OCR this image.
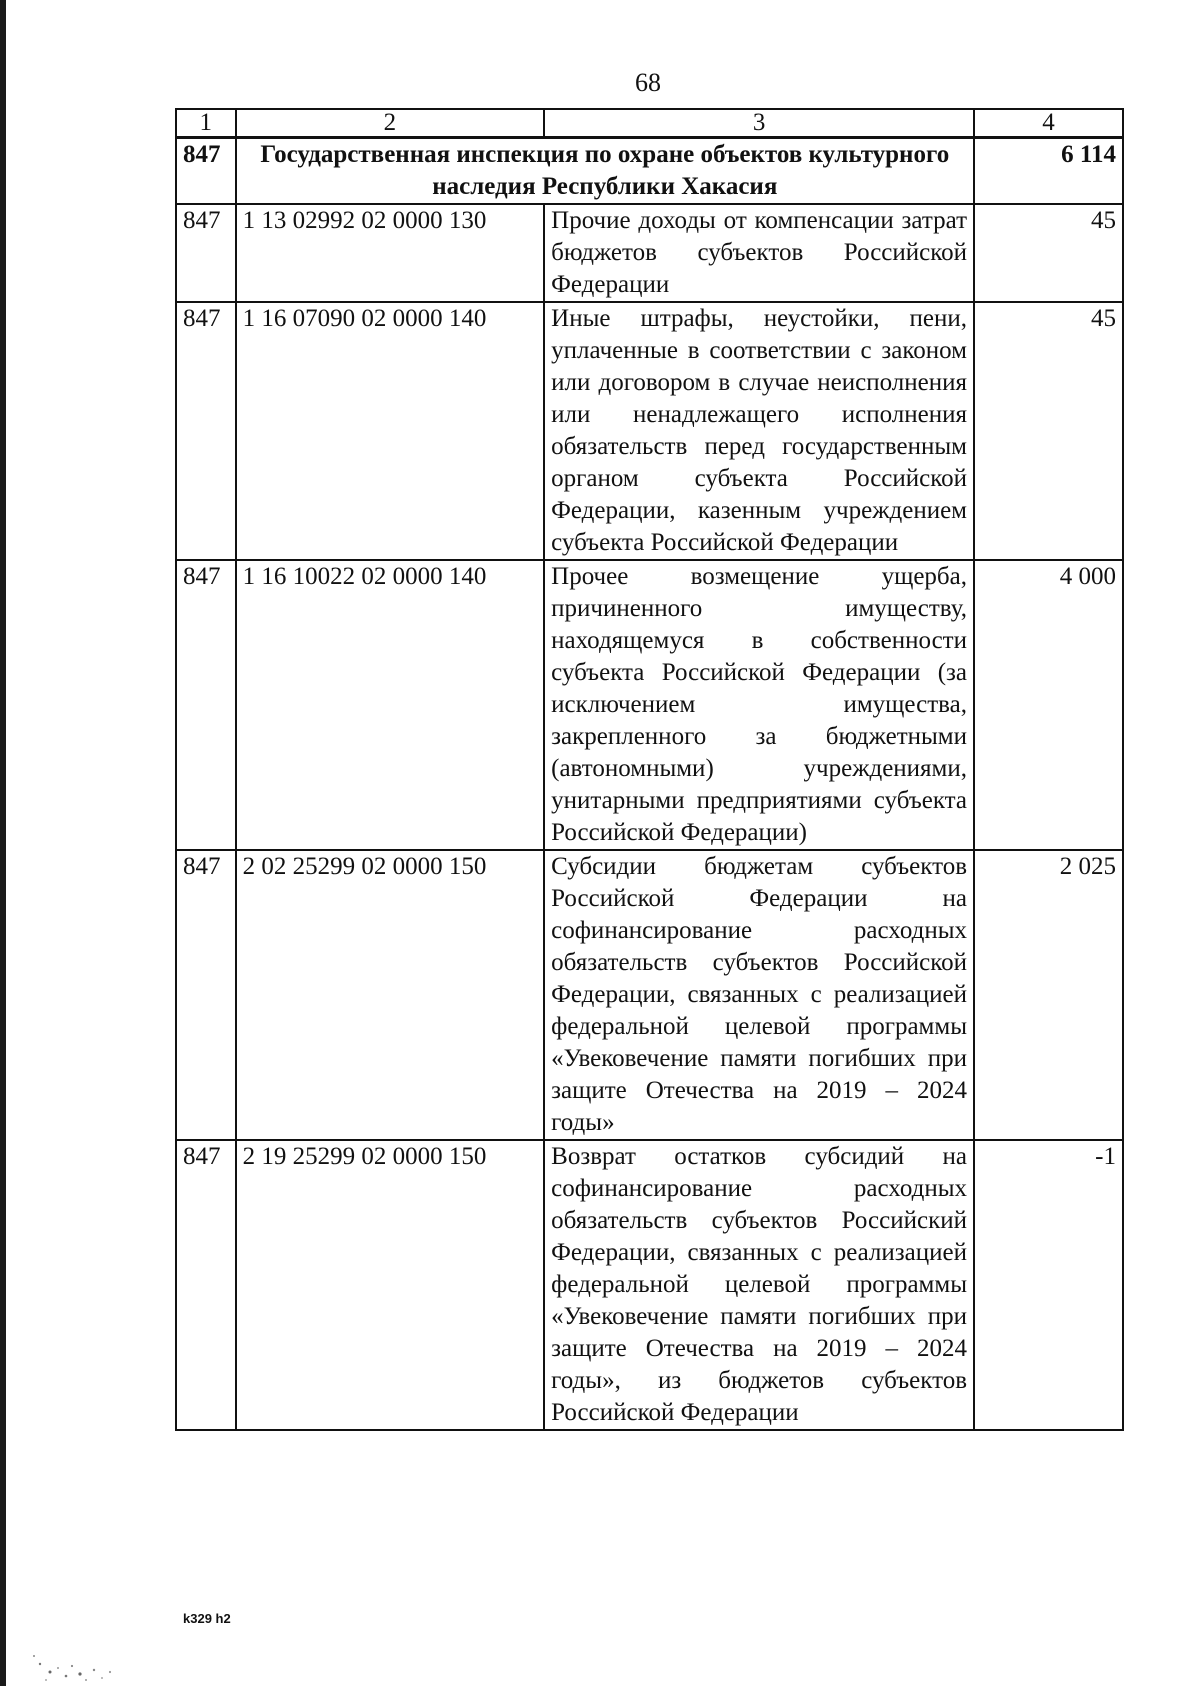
68
1	2	3	4
847	Государственная инспекция по охране объектов культурного наследия Республики Хакасия		6 114
847	1 13 02992 02 0000 130	Прочие доходы от компенсации затрат бюджетов субъектов Российской Федерации	45
847	1 16 07090 02 0000 140	Иные штрафы, неустойки, пени, уплаченные в соответствии с законом или договором в случае неисполнения или ненадлежащего исполнения обязательств перед государственным органом субъекта Российской Федерации, казенным учреждением субъекта Российской Федерации	45
847	1 16 10022 02 0000 140	Прочее возмещение ущерба, причиненного имуществу, находящемуся в собственности субъекта Российской Федерации (за исключением имущества, закрепленного за бюджетными (автономными) учреждениями, унитарными предприятиями субъекта Российской Федерации)	4 000
847	2 02 25299 02 0000 150	Субсидии бюджетам субъектов Российской Федерации на софинансирование расходных обязательств субъектов Российской Федерации, связанных с реализацией федеральной целевой программы «Увековечение памяти погибших при защите Отечества на 2019 – 2024 годы»	2 025
847	2 19 25299 02 0000 150	Возврат остатков субсидий на софинансирование расходных обязательств субъектов Российский Федерации, связанных с реализацией федеральной целевой программы «Увековечение памяти погибших при защите Отечества на 2019 – 2024 годы», из бюджетов субъектов Российской Федерации	-1
k329 h2
